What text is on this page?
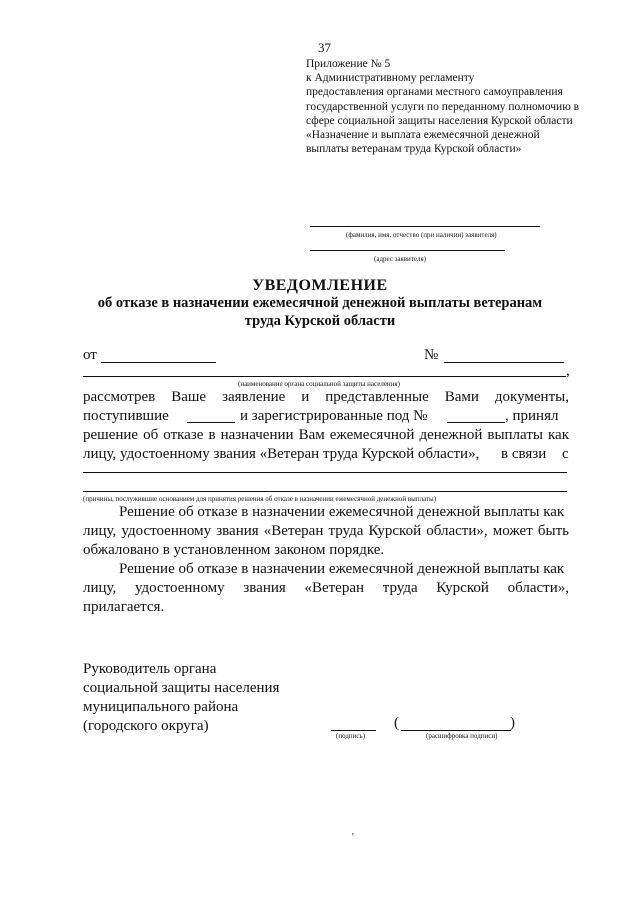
37
Приложение № 5
к Административному регламенту
предоставления органами местного самоуправления
государственной услуги по переданному полномочию в
сфере социальной защиты населения Курской области
«Назначение и выплата ежемесячной денежной
выплаты ветеранам труда Курской области»
(фамилия, имя, отчество (при наличии) заявителя)
(адрес заявителя)
УВЕДОМЛЕНИЕ
об отказе в назначении ежемесячной денежной выплаты ветеранам
труда Курской области
от	№
,
(наименование органа социальной защиты населения)
рассмотрев Ваше заявление и представленные Вами документы,
поступившие	и зарегистрированные под №	, принял
решение об отказе в назначении Вам ежемесячной денежной выплаты как
лицу, удостоенному звания «Ветеран труда Курской области», в связи с
(причины, послужившие основанием для принятия решения об отказе в назначении ежемесячной денежной выплаты)
Решение об отказе в назначении ежемесячной денежной выплаты как
лицу, удостоенному звания «Ветеран труда Курской области», может быть
обжаловано в установленном законом порядке.
Решение об отказе в назначении ежемесячной денежной выплаты как
лицу, удостоенному звания «Ветеран труда Курской области»,
прилагается.
Руководитель органа
социальной защиты населения
муниципального района
(городского округа)
(подпись)
(	)
(расшифровка подписи)
'
